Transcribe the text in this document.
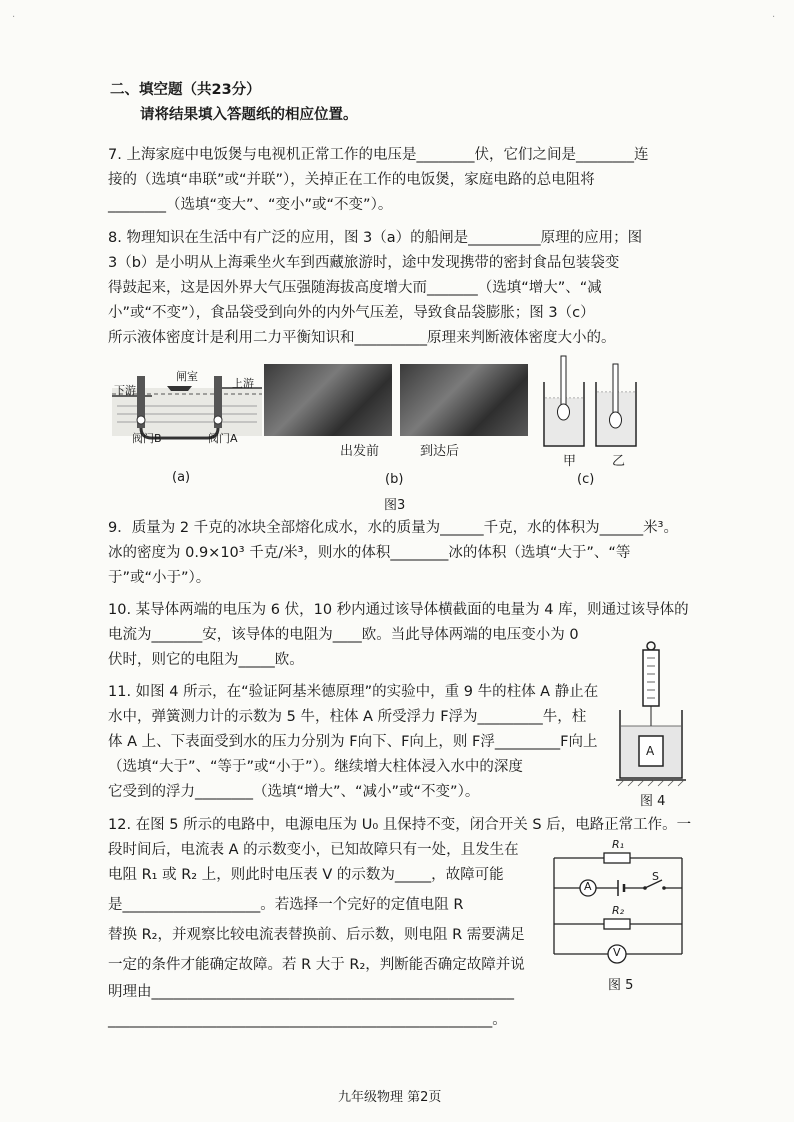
·	·
二、填空题（共23分）
请将结果填入答题纸的相应位置。
7. 上海家庭中电饭煲与电视机正常工作的电压是________伏，它们之间是________连
接的（选填“串联”或“并联”），关掉正在工作的电饭煲，家庭电路的总电阻将
________（选填“变大”、“变小”或“不变”）。
8. 物理知识在生活中有广泛的应用，图 3（a）的船闸是__________原理的应用；图
3（b）是小明从上海乘坐火车到西藏旅游时，途中发现携带的密封食品包装袋变
得鼓起来，这是因外界大气压强随海拔高度增大而_______（选填“增大”、“减
小”或“不变”），食品袋受到向外的内外气压差，导致食品袋膨胀；图 3（c）
所示液体密度计是利用二力平衡知识和__________原理来判断液体密度大小的。
下游
闸室
上游
阀门B	阀门A
(a)
出发前	到达后
(b)
甲	乙
(c)
图3
9．质量为 2 千克的冰块全部熔化成水，水的质量为______千克，水的体积为______米³。
冰的密度为 0.9×10³ 千克/米³，则水的体积________冰的体积（选填“大于”、“等
于”或“小于”）。
10. 某导体两端的电压为 6 伏，10 秒内通过该导体横截面的电量为 4 库，则通过该导体的
电流为_______安，该导体的电阻为____欧。当此导体两端的电压变小为 0
伏时，则它的电阻为_____欧。
11. 如图 4 所示，在“验证阿基米德原理”的实验中，重 9 牛的柱体 A 静止在
水中，弹簧测力计的示数为 5 牛，柱体 A 所受浮力 F浮为_________牛，柱
体 A 上、下表面受到水的压力分别为 F向下、F向上，则 F浮_________F向上
（选填“大于”、“等于”或“小于”）。继续增大柱体浸入水中的深度
它受到的浮力________（选填“增大”、“减小”或“不变”）。
A
图 4
12. 在图 5 所示的电路中，电源电压为 U₀ 且保持不变，闭合开关 S 后，电路正常工作。一
段时间后，电流表 A 的示数变小，已知故障只有一处，且发生在
电阻 R₁ 或 R₂ 上，则此时电压表 V 的示数为_____，故障可能
是___________________。若选择一个完好的定值电阻 R
替换 R₂，并观察比较电流表替换前、后示数，则电阻 R 需要满足
一定的条件才能确定故障。若 R 大于 R₂，判断能否确定故障并说
明理由__________________________________________________
_____________________________________________________。
R₁
A
S
R₂
V
图 5
九年级物理 第2页
